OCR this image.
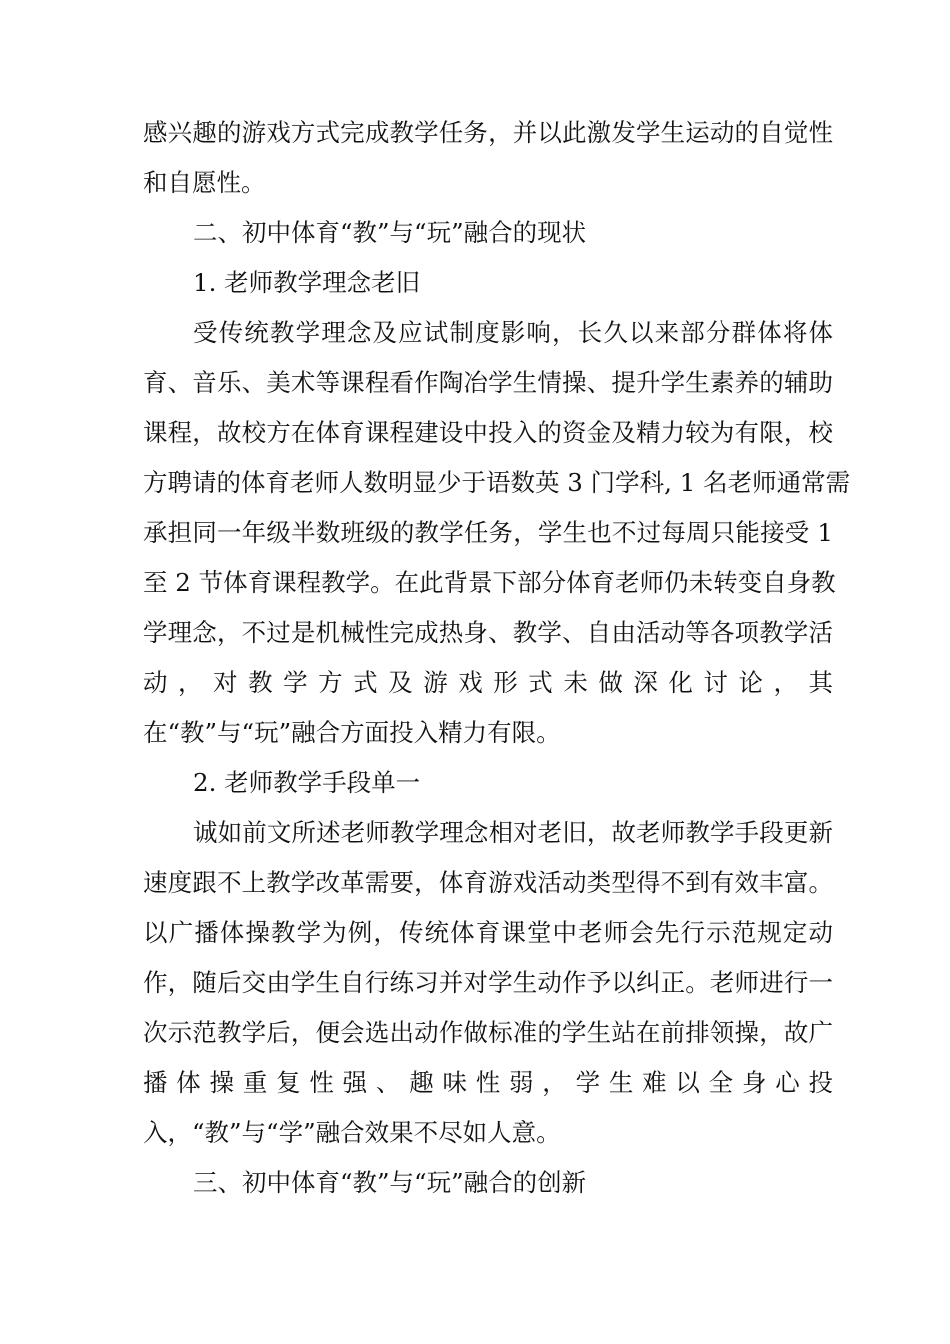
感兴趣的游戏方式完成教学任务，并以此激发学生运动的自觉性
和自愿性。
二、初中体育“教”与“玩”融合的现状
1. 老师教学理念老旧
受传统教学理念及应试制度影响，长久以来部分群体将体
育、音乐、美术等课程看作陶冶学生情操、提升学生素养的辅助
课程，故校方在体育课程建设中投入的资金及精力较为有限，校
方聘请的体育老师人数明显少于语数英 3 门学科, 1 名老师通常需
承担同一年级半数班级的教学任务，学生也不过每周只能接受 1
至 2 节体育课程教学。在此背景下部分体育老师仍未转变自身教
学理念，不过是机械性完成热身、教学、自由活动等各项教学活
动 ， 对 教 学 方 式 及 游 戏 形 式 未 做 深 化 讨 论 ， 其
在“教”与“玩”融合方面投入精力有限。
2. 老师教学手段单一
诚如前文所述老师教学理念相对老旧，故老师教学手段更新
速度跟不上教学改革需要，体育游戏活动类型得不到有效丰富。
以广播体操教学为例，传统体育课堂中老师会先行示范规定动
作，随后交由学生自行练习并对学生动作予以纠正。老师进行一
次示范教学后，便会选出动作做标准的学生站在前排领操，故广
播 体 操 重 复 性 强 、 趣 味 性 弱 ， 学 生 难 以 全 身 心 投
入，“教”与“学”融合效果不尽如人意。
三、初中体育“教”与“玩”融合的创新
